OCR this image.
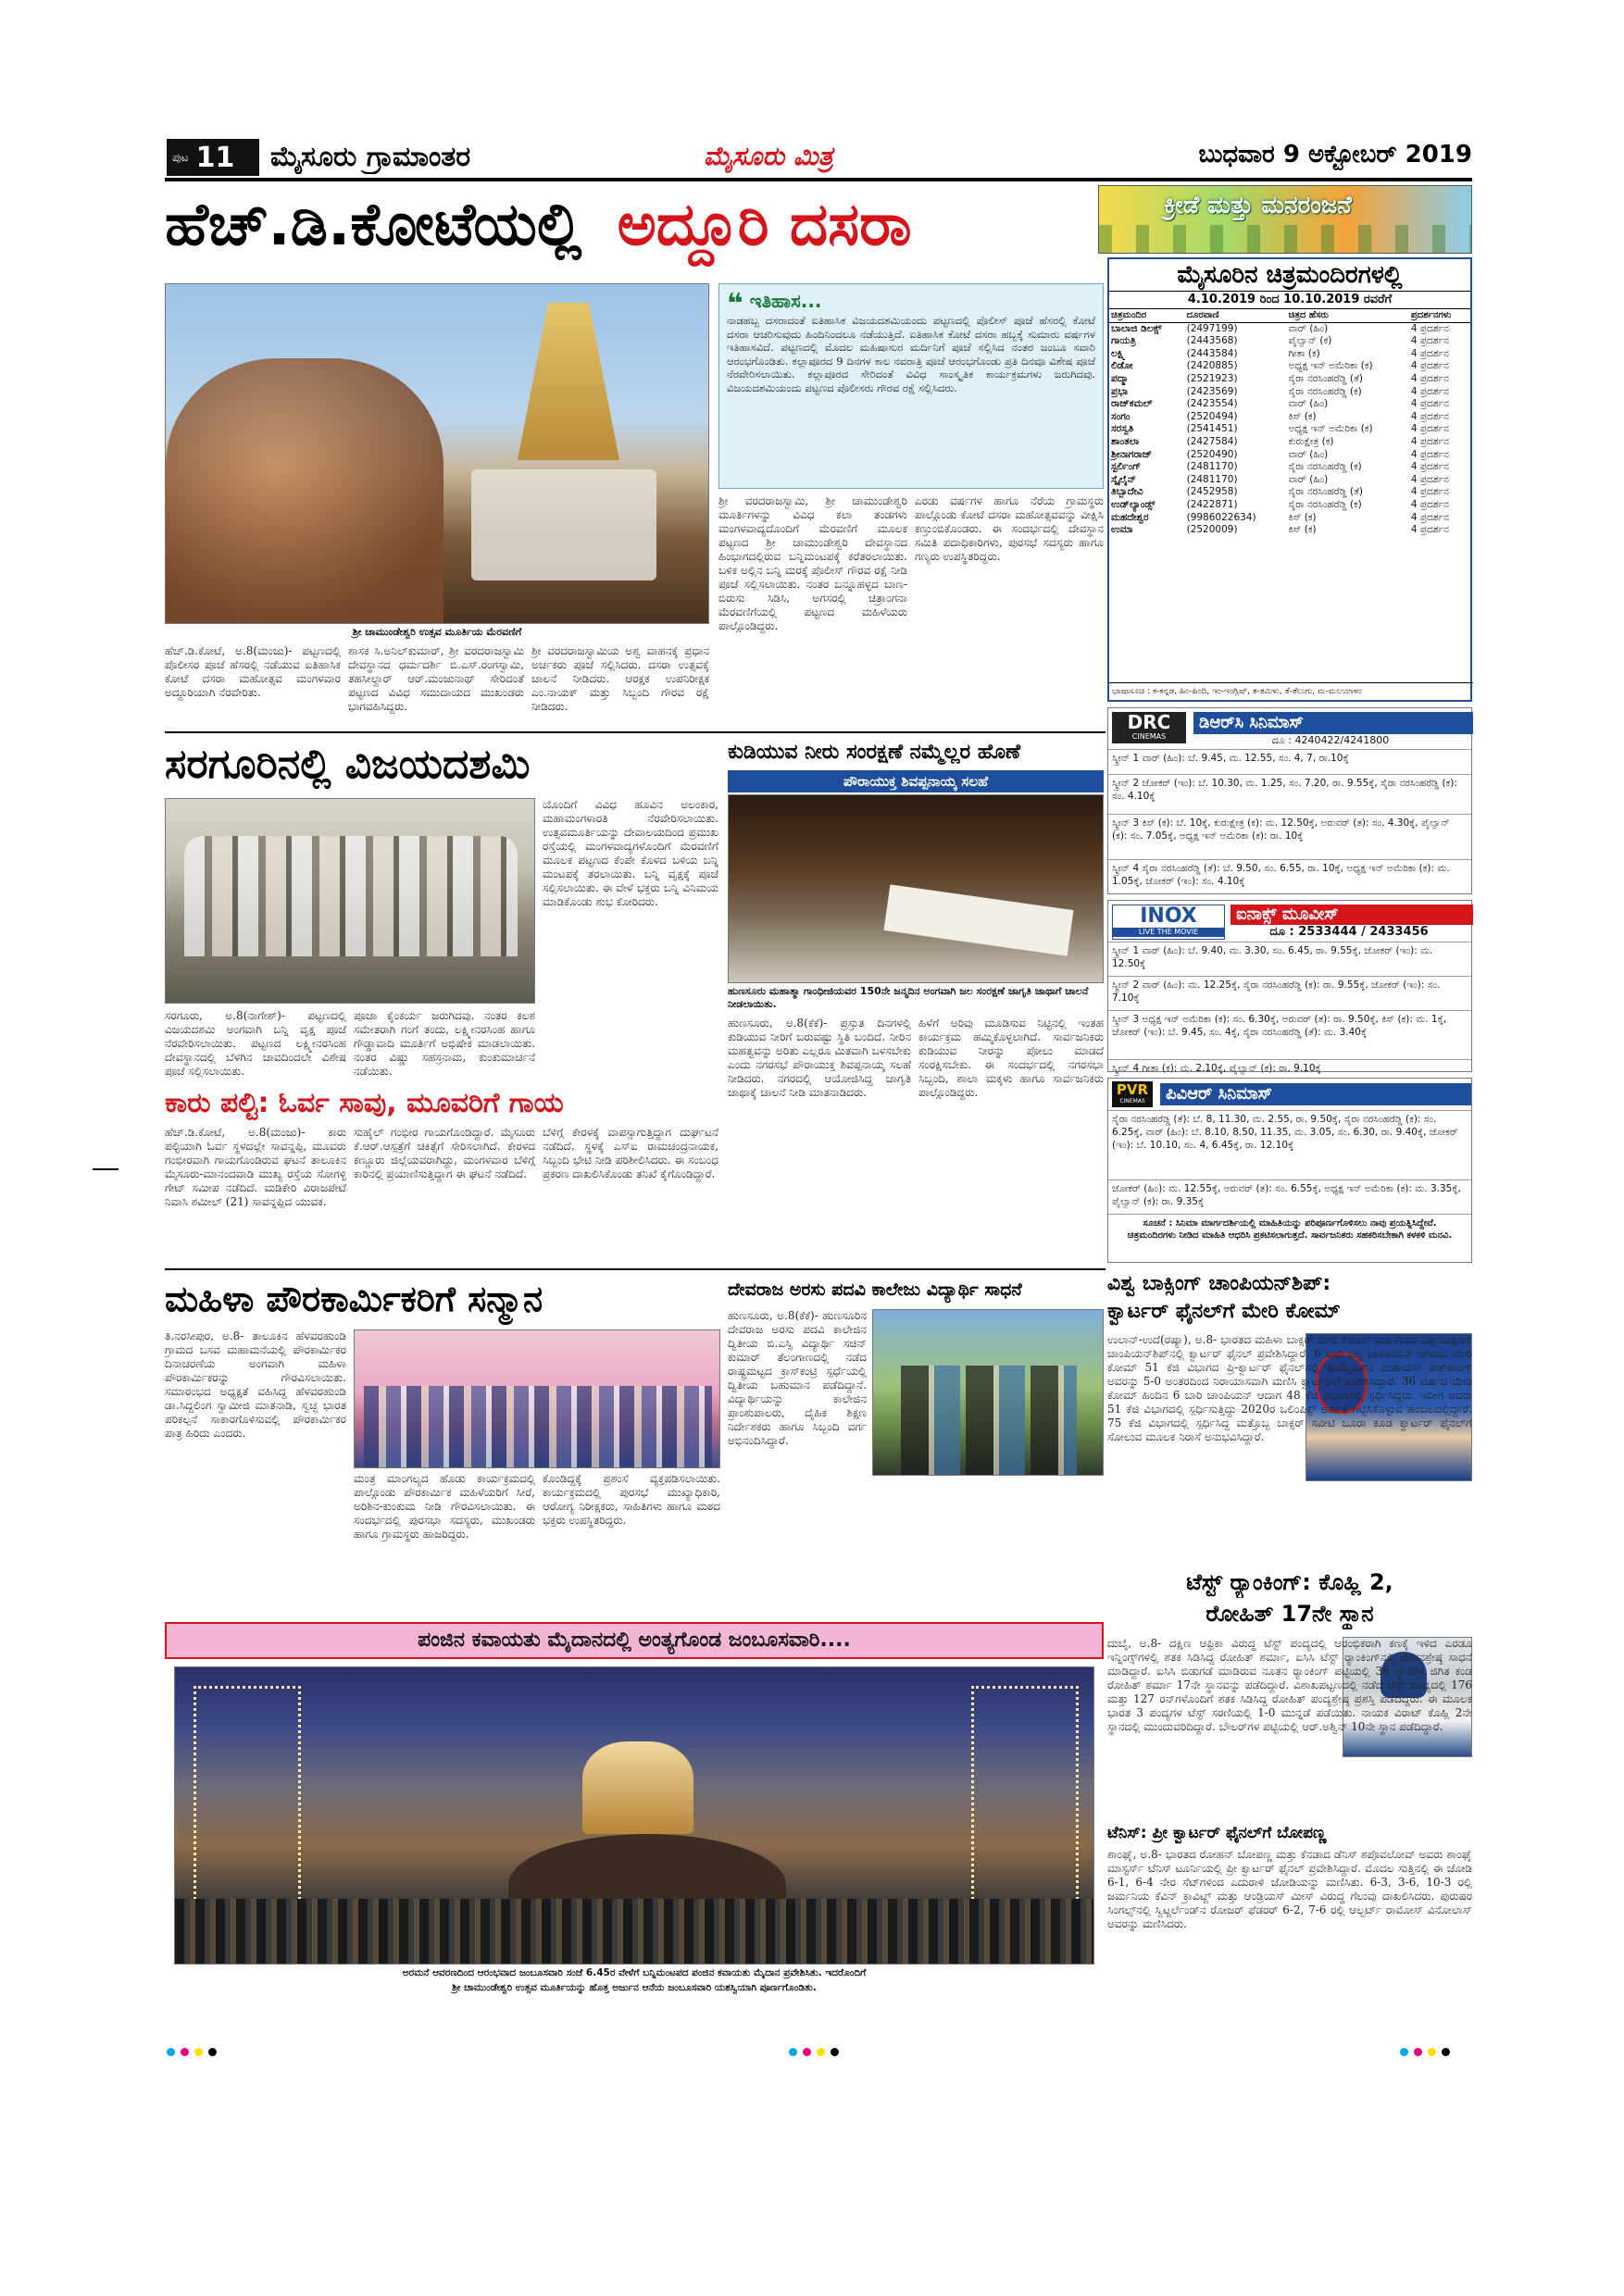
ಪುಟ 11 ಮೈಸೂರು ಗ್ರಾಮಾಂತರ	ಮೈಸೂರು ಮಿತ್ರ	ಬುಧವಾರ 9 ಅಕ್ಟೋಬರ್ 2019
ಹೆಚ್.ಡಿ.ಕೋಟೆಯಲ್ಲಿ ಅದ್ದೂರಿ ದಸರಾ	ಕ್ರೀಡೆ ಮತ್ತು ಮನರಂಜನೆ
ಶ್ರೀ ಚಾಮುಂಡೇಶ್ವರಿ ಉತ್ಸವ ಮೂರ್ತಿಯ ಮೆರವಣಿಗೆ
❝ ಇತಿಹಾಸ...
ನಾಡಹಬ್ಬ ದಸರಾದಂತೆ ಐತಿಹಾಸಿಕ ವಿಜಯದಶಮಿಯಂದು ಪಟ್ಟಣದಲ್ಲಿ ಪೊಲೀಸ್ ಪೂಜೆ ಹೆಸರಲ್ಲಿ ಕೋಟೆ ದಸರಾ ಆಚರಿಸುವುದು ಹಿಂದಿನಿಂದಲೂ ನಡೆಯುತ್ತಿದೆ. ಐತಿಹಾಸಿಕ ಕೋಟೆ ದಸರಾ ಹಬ್ಬಕ್ಕೆ ಸುಮಾರು ವರ್ಷಗಳ ಇತಿಹಾಸವಿದೆ. ಪಟ್ಟಣದಲ್ಲಿ ಮೊದಲ ಮಹಿಷಾಸುರ ಮರ್ದಿನಿಗೆ ಪೂಜೆ ಸಲ್ಲಿಸಿದ ನಂತರ ಜಂಬೂ ಸವಾರಿ ಆರಂಭಗೊಂಡಿತು. ಕಲ್ಲಾಪೂರದ 9 ದಿನಗಳ ಕಾಲ ನವರಾತ್ರಿ ಪೂಜೆ ಆರಂಭಗೊಂಡು ಪ್ರತಿ ದಿನವೂ ವಿಶೇಷ ಪೂಜೆ ನೆರವೇರಿಸಲಾಯಿತು. ಕಲ್ಲಾಪೂರದ ಸೇರಿದಂತೆ ವಿವಿಧ ಸಾಂಸ್ಕೃತಿಕ ಕಾರ್ಯಕ್ರಮಗಳು ಜರುಗಿದವು. ವಿಜಯದಶಮಿಯಂದು ಪಟ್ಟಣದ ಪೊಲೀಸರು ಗೌರವ ರಕ್ಷೆ ಸಲ್ಲಿಸಿದರು.
ಹೆಚ್.ಡಿ.ಕೋಟೆ, ಅ.8(ಮಂಜು)- ಪಟ್ಟಣದಲ್ಲಿ ಪೊಲೀಸರ ಪೂಜೆ ಹೆಸರಲ್ಲಿ ನಡೆಯುವ ಐತಿಹಾಸಿಕ ಕೋಟೆ ದಸರಾ ಮಹೋತ್ಸವ ಮಂಗಳವಾರ ಅದ್ದೂರಿಯಾಗಿ ನೆರವೇರಿತು.
ಶಾಸಕ ಸಿ.ಅನಿಲ್‌ಕುಮಾರ್, ಶ್ರೀ ವರದರಾಜಸ್ವಾಮಿ ದೇವಸ್ಥಾನದ ಧರ್ಮದರ್ಶಿ ಬಿ.ಎಸ್.ರಂಗಸ್ವಾಮಿ, ತಹಸೀಲ್ದಾರ್ ಆರ್.ಮಂಜುನಾಥ್ ಸೇರಿದಂತೆ ಪಟ್ಟಣದ ವಿವಿಧ ಸಮುದಾಯದ ಮುಖಂಡರು ಭಾಗವಹಿಸಿದ್ದರು.
ಶ್ರೀ ವರದರಾಜಸ್ವಾಮಿಯ ಅಶ್ವ ವಾಹನಕ್ಕೆ ಪ್ರಧಾನ ಅರ್ಚಕರು ಪೂಜೆ ಸಲ್ಲಿಸಿದರು. ದಸರಾ ಉತ್ಸವಕ್ಕೆ ಚಾಲನೆ ನೀಡಿದರು. ಆರಕ್ಷಕ ಉಪನಿರೀಕ್ಷಕ ಎಂ.ನಾಯಕ್ ಮತ್ತು ಸಿಬ್ಬಂದಿ ಗೌರವ ರಕ್ಷೆ ನೀಡಿದರು.
ಶ್ರೀ ವರದರಾಜಸ್ವಾಮಿ, ಶ್ರೀ ಚಾಮುಂಡೇಶ್ವರಿ ಮೂರ್ತಿಗಳನ್ನು ವಿವಿಧ ಕಲಾ ತಂಡಗಳು ಮಂಗಳವಾದ್ಯದೊಂದಿಗೆ ಮೆರವಣಿಗೆ ಮೂಲಕ ಪಟ್ಟಣದ ಶ್ರೀ ಚಾಮುಂಡೇಶ್ವರಿ ದೇವಸ್ಥಾನದ ಹಿಂಭಾಗದಲ್ಲಿರುವ ಬನ್ನಿಮಂಟಪಕ್ಕೆ ಕರೆತರಲಾಯಿತು. ಬಳಿಕ ಅಲ್ಲಿನ ಬನ್ನಿ ಮರಕ್ಕೆ ಪೊಲೀಸ್ ಗೌರವ ರಕ್ಷೆ ನೀಡಿ ಪೂಜೆ ಸಲ್ಲಿಸಲಾಯಿತು. ನಂತರ ಬನ್ನೂಹಳ್ಳದ ಬಾಣ-ಬಿರುಸು ಸಿಡಿಸಿ, ಅಗಸರಲ್ಲಿ ಚಿತ್ರಾಂಗನಾ ಮೆರವಣಿಗೆಯಲ್ಲಿ ಪಟ್ಟಣದ ಮಹಿಳೆಯರು ಪಾಲ್ಗೊಂಡಿದ್ದರು.
ಎರಡು ವರ್ಷಗಳ ಹಾಗೂ ನೆರೆಯ ಗ್ರಾಮಸ್ಥರು ಪಾಲ್ಗೊಂಡು ಕೋಟೆ ದಸರಾ ಮಹೋತ್ಸವವನ್ನು ವೀಕ್ಷಿಸಿ ಕಣ್ತುಂಬಿಕೊಂಡರು. ಈ ಸಂದರ್ಭದಲ್ಲಿ ದೇವಸ್ಥಾನ ಸಮಿತಿ ಪದಾಧಿಕಾರಿಗಳು, ಪುರಸಭೆ ಸದಸ್ಯರು ಹಾಗೂ ಗಣ್ಯರು ಉಪಸ್ಥಿತರಿದ್ದರು.
ಮೈಸೂರಿನ ಚಿತ್ರಮಂದಿರಗಳಲ್ಲಿ
4.10.2019 ರಿಂದ 10.10.2019 ರವರೆಗೆ
ಚಿತ್ರಮಂದಿರ	ದೂರವಾಣಿ	ಚಿತ್ರದ ಹೆಸರು	ಪ್ರದರ್ಶನಗಳು
ಬಾಲಾಜಿ ಡಿಲಕ್ಸ್	(2497199)	ವಾರ್ (ಹಿಂ)	4 ಪ್ರದರ್ಶನ
ಗಾಯತ್ರಿ	(2443568)	ಪೈಲ್ವಾನ್ (ಕ)	4 ಪ್ರದರ್ಶನ
ಲಕ್ಷ್ಮಿ	(2443584)	ಗೀತಾ (ಕ)	4 ಪ್ರದರ್ಶನ
ಲಿಡೋ	(2420885)	ಅಧ್ಯಕ್ಷ ಇನ್ ಅಮೆರಿಕಾ (ಕ)	4 ಪ್ರದರ್ಶನ
ಪದ್ಮಾ	(2521923)	ಸೈರಾ ನರಸಿಂಹರೆಡ್ಡಿ (ತೆ)	4 ಪ್ರದರ್ಶನ
ಪ್ರಭಾ	(2423569)	ಸೈರಾ ನರಸಿಂಹರೆಡ್ಡಿ (ಕ)	4 ಪ್ರದರ್ಶನ
ರಾಜ್‌ಕಮಲ್	(2423554)	ವಾರ್ (ಹಿಂ)	4 ಪ್ರದರ್ಶನ
ಸಂಗಂ	(2520494)	ಕಿಸ್ (ಕ)	4 ಪ್ರದರ್ಶನ
ಸರಸ್ವತಿ	(2541451)	ಅಧ್ಯಕ್ಷ ಇನ್ ಅಮೆರಿಕಾ (ಕ)	4 ಪ್ರದರ್ಶನ
ಶಾಂತಲಾ	(2427584)	ಕುರುಕ್ಷೇತ್ರ (ಕ)	4 ಪ್ರದರ್ಶನ
ಶ್ರೀನಾಗರಾಜ್	(2520490)	ವಾರ್ (ಹಿಂ)	4 ಪ್ರದರ್ಶನ
ಸ್ಟರ್ಲಿಂಗ್	(2481170)	ಸೈರಾ ನರಸಿಂಹರೆಡ್ಡಿ (ಕ)	4 ಪ್ರದರ್ಶನ
ಸ್ಕೈಲೈನ್	(2481170)	ವಾರ್ (ಹಿಂ)	4 ಪ್ರದರ್ಶನ
ತಿಬ್ಬಾದೇವಿ	(2452958)	ಸೈರಾ ನರಸಿಂಹರೆಡ್ಡಿ (ತೆ)	4 ಪ್ರದರ್ಶನ
ಉಡ್‌ಲ್ಯಾಂಡ್ಸ್	(2422871)	ಸೈರಾ ನರಸಿಂಹರೆಡ್ಡಿ (ಕ)	4 ಪ್ರದರ್ಶನ
ಮಹದೇಶ್ವರ	(9986022634)	ಕಿಸ್ (ಕ)	4 ಪ್ರದರ್ಶನ
ಉಮಾ	(2520009)	ಕಿಸ್ (ಕ)	4 ಪ್ರದರ್ಶನ
ಭಾಷಾಸೂಚಿ : ಕ-ಕನ್ನಡ, ಹಿಂ-ಹಿಂದಿ, ಇಂ-ಇಂಗ್ಲಿಷ್, ತ-ತಮಿಳು, ತೆ-ತೆಲುಗು, ಮ-ಮಲಯಾಳಂ
DRC
CINEMAS
ಡಿಆರ್‌ಸಿ ಸಿನಿಮಾಸ್
ದೂ : 4240422/4241800
ಸ್ಕ್ರೀನ್ 1 ವಾರ್ (ಹಿಂ): ಬೆ. 9.45, ಮ. 12.55, ಸಂ. 4, 7, ರಾ.10ಕ್ಕೆ
ಸ್ಕ್ರೀನ್ 2 ಜೋಕರ್ (ಇಂ): ಬೆ. 10.30, ಮ. 1.25, ಸಂ. 7.20, ರಾ. 9.55ಕ್ಕೆ, ಸೈರಾ ನರಸಿಂಹರೆಡ್ಡಿ (ಕ): ಸಂ. 4.10ಕ್ಕೆ
ಸ್ಕ್ರೀನ್ 3 ಕಿಸ್ (ಕ): ಬೆ. 10ಕ್ಕೆ, ಕುರುಕ್ಷೇತ್ರ (ಕ): ಮ. 12.50ಕ್ಕೆ, ಅರುವರ್ (ತ): ಸಂ. 4.30ಕ್ಕೆ, ಪೈಲ್ವಾನ್ (ಕ): ಸಂ. 7.05ಕ್ಕೆ, ಅಧ್ಯಕ್ಷ ಇನ್ ಅಮೆರಿಕಾ (ಕ): ರಾ. 10ಕ್ಕೆ
ಸ್ಕ್ರೀನ್ 4 ಸೈರಾ ನರಸಿಂಹರೆಡ್ಡಿ (ತೆ): ಬೆ. 9.50, ಸಂ. 6.55, ರಾ. 10ಕ್ಕೆ, ಅಧ್ಯಕ್ಷ ಇನ್ ಅಮೆರಿಕಾ (ಕ): ಮ. 1.05ಕ್ಕೆ, ಜೋಕರ್ (ಇಂ): ಸಂ. 4.10ಕ್ಕೆ
INOX
LIVE THE MOVIE
ಐನಾಕ್ಸ್ ಮೂವೀಸ್
ದೂ : 2533444 / 2433456
ಸ್ಕ್ರೀನ್ 1 ವಾರ್ (ಹಿಂ): ಬೆ. 9.40, ಮ. 3.30, ಸಂ. 6.45, ರಾ. 9.55ಕ್ಕೆ, ಜೋಕರ್ (ಇಂ): ಮ. 12.50ಕ್ಕೆ
ಸ್ಕ್ರೀನ್ 2 ವಾರ್ (ಹಿಂ): ಮ. 12.25ಕ್ಕೆ, ಸೈರಾ ನರಸಿಂಹರೆಡ್ಡಿ (ಕ): ರಾ. 9.55ಕ್ಕೆ, ಜೋಕರ್ (ಇಂ): ಸಂ. 7.10ಕ್ಕೆ
ಸ್ಕ್ರೀನ್ 3 ಅಧ್ಯಕ್ಷ ಇನ್ ಅಮೆರಿಕಾ (ಕ): ಸಂ. 6.30ಕ್ಕೆ, ಅರುವರ್ (ತ): ರಾ. 9.50ಕ್ಕೆ, ಕಿಸ್ (ಕ): ಮ. 1ಕ್ಕೆ, ಜೋಕರ್ (ಇಂ): ಬೆ. 9.45, ಸಂ. 4ಕ್ಕೆ, ಸೈರಾ ನರಸಿಂಹರೆಡ್ಡಿ (ತೆ): ಮ. 3.40ಕ್ಕೆ
ಸ್ಕ್ರೀನ್ 4 ಗೀತಾ (ಕ): ಮ. 2.10ಕ್ಕೆ, ಪೈಲ್ವಾನ್ (ಕ): ರಾ. 9.10ಕ್ಕೆ
PVR
CINEMAS	ಪಿವಿಆರ್ ಸಿನಿಮಾಸ್
ಸೈರಾ ನರಸಿಂಹರೆಡ್ಡಿ (ತೆ): ಬೆ. 8, 11.30, ಮ. 2.55, ರಾ. 9.50ಕ್ಕೆ, ಸೈರಾ ನರಸಿಂಹರೆಡ್ಡಿ (ಕ): ಸಂ. 6.25ಕ್ಕೆ, ವಾರ್ (ಹಿಂ): ಬೆ. 8.10, 8.50, 11.35, ಮ. 3.05, ಸಂ. 6.30, ರಾ. 9.40ಕ್ಕೆ, ಜೋಕರ್ (ಇಂ): ಬೆ. 10.10, ಸಂ. 4, 6.45ಕ್ಕೆ, ರಾ. 12.10ಕ್ಕೆ
ಜೋಕರ್ (ಹಿಂ): ಮ. 12.55ಕ್ಕೆ, ಅರುವರ್ (ತ): ಸಂ. 6.55ಕ್ಕೆ, ಅಧ್ಯಕ್ಷ ಇನ್ ಅಮೆರಿಕಾ (ಕ): ಮ. 3.35ಕ್ಕೆ, ಪೈಲ್ವಾನ್ (ಕ): ರಾ. 9.35ಕ್ಕೆ
ಸೂಚನೆ : ಸಿನಿಮಾ ಮಾರ್ಗದರ್ಶಿಯಲ್ಲಿ ಮಾಹಿತಿಯನ್ನು ಪರಿಪೂರ್ಣಗೊಳಿಸಲು ನಾವು ಪ್ರಯತ್ನಿಸಿದ್ದೇವೆ. ಚಿತ್ರಮಂದಿರಗಳು ನೀಡಿದ ಮಾಹಿತಿ ಆಧರಿಸಿ ಪ್ರಕಟಿಸಲಾಗುತ್ತದೆ. ಸಾರ್ವಜನಿಕರು ಸಹಕರಿಸಬೇಕಾಗಿ ಕಳಕಳಿ ಮನವಿ.
ಸರಗೂರಿನಲ್ಲಿ ವಿಜಯದಶಮಿ
ಯೊಂದಿಗೆ ವಿವಿಧ ಹೂವಿನ ಅಲಂಕಾರ, ಮಹಾಮಂಗಳಾರತಿ ನೆರವೇರಿಸಲಾಯಿತು. ಉತ್ಸವಮೂರ್ತಿಯನ್ನು ದೇವಾಲಯದಿಂದ ಪ್ರಮುಖ ರಸ್ತೆಯಲ್ಲಿ ಮಂಗಳವಾದ್ಯಗಳೊಂದಿಗೆ ಮೆರವಣಿಗೆ ಮೂಲಕ ಪಟ್ಟಣದ ಕೆಂಪೇ ಕೊಳದ ಬಳಿಯ ಬನ್ನಿ ಮಂಟಪಕ್ಕೆ ತರಲಾಯಿತು. ಬನ್ನಿ ವೃಕ್ಷಕ್ಕೆ ಪೂಜೆ ಸಲ್ಲಿಸಲಾಯಿತು. ಈ ವೇಳೆ ಭಕ್ತರು ಬನ್ನಿ ವಿನಿಮಯ ಮಾಡಿಕೊಂಡು ಶುಭ ಕೋರಿದರು.
ಸರಗೂರು, ಅ.8(ನಾಗೇಶ್)- ಪಟ್ಟಣದಲ್ಲಿ ವಿಜಯದಶಮಿ ಅಂಗವಾಗಿ ಬನ್ನಿ ವೃಕ್ಷ ಪೂಜೆ ನೆರವೇರಿಸಲಾಯಿತು. ಪಟ್ಟಣದ ಲಕ್ಷ್ಮೀನರಸಿಂಹ ದೇವಸ್ಥಾನದಲ್ಲಿ ಬೆಳಗಿನ ಜಾವದಿಂದಲೇ ವಿಶೇಷ ಪೂಜೆ ಸಲ್ಲಿಸಲಾಯಿತು.
ಪೂಜಾ ಕೈಂಕರ್ಯ ಜರುಗಿದವು. ನಂತರ ಕಲಶ ಸಮೇತರಾಗಿ ಗಂಗೆ ತಂದು, ಲಕ್ಷ್ಮೀನರಸಿಂಹ ಹಾಗೂ ಗೌಡ್ಡಾವಾದಿ ಮೂರ್ತಿಗೆ ಅಭಿಷೇಕ ಮಾಡಲಾಯಿತು. ನಂತರ ವಿಷ್ಣು ಸಹಸ್ರನಾಮ, ಕುಂಕುಮಾರ್ಚನೆ ನಡೆಯಿತು.
ಕಾರು ಪಲ್ಟಿ: ಓರ್ವ ಸಾವು, ಮೂವರಿಗೆ ಗಾಯ
ಹೆಚ್.ಡಿ.ಕೋಟೆ, ಅ.8(ಮಂಜು)- ಕಾರು ಪಲ್ಟಿಯಾಗಿ ಓರ್ವ ಸ್ಥಳದಲ್ಲೇ ಸಾವನ್ನಪ್ಪಿ, ಮೂವರು ಗಂಭೀರವಾಗಿ ಗಾಯಗೊಂಡಿರುವ ಘಟನೆ ತಾಲೂಕಿನ ಮೈಸೂರು-ಮಾನಂದವಾಡಿ ಮುಖ್ಯ ರಸ್ತೆಯ ಸೋಗಳ್ಳಿ ಗೇಟ್ ಸಮೀಪ ನಡೆದಿದೆ. ಮಡಿಕೇರಿ ವಿರಾಜಪೇಟೆ ನಿವಾಸಿ ಶಮೀಲ್ (21) ಸಾವನ್ನಪ್ಪಿದ ಯುವಕ.
ಸುಹೈಲ್ ಗಂಭೀರ ಗಾಯಗೊಂಡಿದ್ದಾರೆ. ಮೈಸೂರು ಕೆ.ಆರ್.ಆಸ್ಪತ್ರೆಗೆ ಚಿಕಿತ್ಸೆಗೆ ಸೇರಿಸಲಾಗಿದೆ. ಕೇರಳದ ಕಣ್ಣೂರು ಜಿಲ್ಲೆಯವರಾಗಿದ್ದು, ಮಂಗಳವಾರ ಬೆಳಿಗ್ಗೆ ಕಾರಿನಲ್ಲಿ ಪ್ರಯಾಣಿಸುತ್ತಿದ್ದಾಗ ಈ ಘಟನೆ ನಡೆದಿದೆ.
ಬೆಳಿಗ್ಗೆ ಕೇರಳಕ್ಕೆ ವಾಪಸ್ಸಾಗುತ್ತಿದ್ದಾಗ ದುರ್ಘಟನೆ ನಡೆದಿದೆ. ಸ್ಥಳಕ್ಕೆ ಎಸ್ಐ ರಾಮಚಂದ್ರನಾಯಕ, ಸಿಬ್ಬಂದಿ ಭೇಟಿ ನೀಡಿ ಪರಿಶೀಲಿಸಿದರು. ಈ ಸಂಬಂಧ ಪ್ರಕರಣ ದಾಖಲಿಸಿಕೊಂಡು ತನಿಖೆ ಕೈಗೊಂಡಿದ್ದಾರೆ.
ಕುಡಿಯುವ ನೀರು ಸಂರಕ್ಷಣೆ ನಮ್ಮೆಲ್ಲರ ಹೊಣೆ
ಪೌರಾಯುಕ್ತ ಶಿವಪ್ಪನಾಯ್ಕ ಸಲಹೆ
ಹುಣಸೂರು ಮಹಾತ್ಮಾ ಗಾಂಧೀಜಿಯವರ 150ನೇ ಜನ್ಮದಿನ ಅಂಗವಾಗಿ ಜಲ ಸಂರಕ್ಷಣೆ ಜಾಗೃತಿ ಜಾಥಾಗೆ ಚಾಲನೆ ನೀಡಲಾಯಿತು.
ಹುಣಸೂರು, ಅ.8(ಕೆಕೆ)- ಪ್ರಸ್ತುತ ದಿನಗಳಲ್ಲಿ ಕುಡಿಯುವ ನೀರಿಗೆ ಬರುವಷ್ಟು ಸ್ಥಿತಿ ಬಂದಿದೆ. ನೀರಿನ ಮಹತ್ವವನ್ನು ಅರಿತು ಎಲ್ಲರೂ ಮಿತವಾಗಿ ಬಳಸಬೇಕು ಎಂದು ನಗರಸಭೆ ಪೌರಾಯುಕ್ತ ಶಿವಪ್ಪನಾಯ್ಕ ಸಲಹೆ ನೀಡಿದರು. ನಗರದಲ್ಲಿ ಆಯೋಜಿಸಿದ್ದ ಜಾಗೃತಿ ಜಾಥಾಕ್ಕೆ ಚಾಲನೆ ನೀಡಿ ಮಾತನಾಡಿದರು.
ಹಿಳೆಗೆ ಅರಿವು ಮೂಡಿಸುವ ನಿಟ್ಟಿನಲ್ಲಿ ಇಂತಹ ಕಾರ್ಯಕ್ರಮ ಹಮ್ಮಿಕೊಳ್ಳಲಾಗಿದೆ. ಸಾರ್ವಜನಿಕರು ಕುಡಿಯುವ ನೀರನ್ನು ಪೋಲು ಮಾಡದೆ ಸಂರಕ್ಷಿಸಬೇಕು. ಈ ಸಂದರ್ಭದಲ್ಲಿ ನಗರಸಭಾ ಸಿಬ್ಬಂದಿ, ಶಾಲಾ ಮಕ್ಕಳು ಹಾಗೂ ಸಾರ್ವಜನಿಕರು ಪಾಲ್ಗೊಂಡಿದ್ದರು.
ಮಹಿಳಾ ಪೌರಕಾರ್ಮಿಕರಿಗೆ ಸನ್ಮಾನ
ತಿ.ನರಸೀಪುರ, ಅ.8- ತಾಲೂಕಿನ ಹೆಳವರಹುಂಡಿ ಗ್ರಾಮದ ಬಸವ ಮಹಾಮನೆಯಲ್ಲಿ ಪೌರಕಾರ್ಮಿಕರ ದಿನಾಚರಣೆಯ ಅಂಗವಾಗಿ ಮಹಿಳಾ ಪೌರಕಾರ್ಮಿಕರನ್ನು ಗೌರವಿಸಲಾಯಿತು. ಸಮಾರಂಭದ ಅಧ್ಯಕ್ಷತೆ ವಹಿಸಿದ್ದ ಹೆಳವರಹುಂಡಿ ಡಾ.ಸಿದ್ದಲಿಂಗ ಸ್ವಾಮೀಜಿ ಮಾತನಾಡಿ, ಸ್ವಚ್ಛ ಭಾರತ ಪರಿಕಲ್ಪನೆ ಸಾಕಾರಗೊಳಿಸುವಲ್ಲಿ ಪೌರಕಾರ್ಮಿಕರ ಪಾತ್ರ ಹಿರಿದು ಎಂದರು.
ಮಂತ್ರ ಮಾಂಗಲ್ಯದ ಹೊಡು ಕಾರ್ಯಕ್ರಮದಲ್ಲಿ ಪಾಲ್ಗೊಂಡು ಪೌರಕಾರ್ಮಿಕ ಮಹಿಳೆಯರಿಗೆ ಸೀರೆ, ಅರಿಶಿನ-ಕುಂಕುಮ ನೀಡಿ ಗೌರವಿಸಲಾಯಿತು. ಈ ಸಂದರ್ಭದಲ್ಲಿ ಪುರಸಭಾ ಸದಸ್ಯರು, ಮುಖಂಡರು ಹಾಗೂ ಗ್ರಾಮಸ್ಥರು ಹಾಜರಿದ್ದರು.
ಕೊಂಡಿದ್ದಕ್ಕೆ ಪ್ರಶಂಸೆ ವ್ಯಕ್ತಪಡಿಸಲಾಯಿತು. ಕಾರ್ಯಕ್ರಮದಲ್ಲಿ ಪುರಸಭೆ ಮುಖ್ಯಾಧಿಕಾರಿ, ಆರೋಗ್ಯ ನಿರೀಕ್ಷಕರು, ಸಾಹಿತಿಗಳು ಹಾಗೂ ಮಠದ ಭಕ್ತರು ಉಪಸ್ಥಿತರಿದ್ದರು.
ದೇವರಾಜ ಅರಸು ಪದವಿ ಕಾಲೇಜು ವಿದ್ಯಾರ್ಥಿ ಸಾಧನೆ
ಹುಣಸೂರು, ಅ.8(ಕೆಕೆ)- ಹುಣಸೂರಿನ ದೇವರಾಜ ಅರಸು ಪದವಿ ಕಾಲೇಜಿನ ದ್ವಿತೀಯ ಬಿ.ಎಸ್ಸಿ ವಿದ್ಯಾರ್ಥಿ ಸಚಿನ್ ಕುಮಾರ್ ತೆಲಂಗಾಣದಲ್ಲಿ ನಡೆದ ರಾಷ್ಟ್ರಮಟ್ಟದ ಕ್ರಾಸ್‌ಕಂಟ್ರಿ ಸ್ಪರ್ಧೆಯಲ್ಲಿ ದ್ವಿತೀಯ ಬಹುಮಾನ ಪಡೆದಿದ್ದಾನೆ. ವಿದ್ಯಾರ್ಥಿಯನ್ನು ಕಾಲೇಜಿನ ಪ್ರಾಂಶುಪಾಲರು, ದೈಹಿಕ ಶಿಕ್ಷಣ ನಿರ್ದೇಶಕರು ಹಾಗೂ ಸಿಬ್ಬಂದಿ ವರ್ಗ ಅಭಿನಂದಿಸಿದ್ದಾರೆ.
ವಿಶ್ವ ಬಾಕ್ಸಿಂಗ್ ಚಾಂಪಿಯನ್‌ಶಿಪ್:
ಕ್ವಾರ್ಟರ್ ಫೈನಲ್‌ಗೆ ಮೇರಿ ಕೋಮ್
ಉಲಾನ್-ಉದೆ(ರಷ್ಯಾ), ಅ.8- ಭಾರತದ ಮಹಿಳಾ ಬಾಕ್ಸರ್ ಮೇರಿ ಕೋಮ್ ಮಹಿಳೆಯರ ವಿಶ್ವ ಬಾಕ್ಸಿಂಗ್ ಚಾಂಪಿಯನ್‌ಶಿಪ್‌ನಲ್ಲಿ ಕ್ವಾರ್ಟರ್ ಫೈನಲ್ ಪ್ರವೇಶಿಸಿದ್ದಾರೆ. 6 ಬಾರಿ ವಿಶ್ವ ಚಾಂಪಿಯನ್ ಆಗಿರುವ ಮೇರಿ ಕೋಮ್ 51 ಕೆಜಿ ವಿಭಾಗದ ಪ್ರಿ-ಕ್ವಾರ್ಟರ್ ಫೈನಲ್‌ನಲ್ಲಿ ಥಾಯ್ಲೆಂಡ್‌ನ ಜುತಾಮಸ್ ಜಿತ್‌ಪಾಂಗ್ ಅವರನ್ನು 5-0 ಅಂತರದಿಂದ ನಿರಾಯಾಸವಾಗಿ ಮಣಿಸಿ ಕ್ವಾರ್ಟರ್‌ಗೆ ಪ್ರವೇಶಿಸಿದ್ದಾರೆ. 36 ವರ್ಷದ ಮೇರಿ ಕೋಮ್ ಹಿಂದಿನ 6 ಬಾರಿ ಚಾಂಪಿಯನ್ ಆದಾಗ 48 ಕೆಜಿ ವಿಭಾಗದಲ್ಲಿ ಸ್ಪರ್ಧಿಸಿದ್ದರು. ಇದೀಗ ಅವರು 51 ಕೆಜಿ ವಿಭಾಗದಲ್ಲಿ ಸ್ಪರ್ಧಿಸುತ್ತಿದ್ದು 2020ರ ಒಲಿಂಪಿಕ್ಸ್ ಅರ್ಹತೆ ಗಿಟ್ಟಿಸಿಕೊಳ್ಳುವ ಹಂಬಲದಲ್ಲಿದ್ದಾರೆ. 75 ಕೆಜಿ ವಿಭಾಗದಲ್ಲಿ ಸ್ಪರ್ಧಿಸಿದ್ದ ಮತ್ತೊಬ್ಬ ಬಾಕ್ಸರ್ ಸವೀಟಿ ಬೂರಾ ಕೂಡ ಕ್ವಾರ್ಟರ್ ಫೈನಲ್‌ಗೆ ಸೋಲುವ ಮೂಲಕ ನಿರಾಸೆ ಅನುಭವಿಸಿದ್ದಾರೆ.
ಟೆಸ್ಟ್ ರ್‍ಯಾಂಕಿಂಗ್: ಕೊಹ್ಲಿ 2,
ರೋಹಿತ್ 17ನೇ ಸ್ಥಾನ
ದುಬೈ, ಅ.8- ದಕ್ಷಿಣ ಆಫ್ರಿಕಾ ವಿರುದ್ಧ ಟೆಸ್ಟ್ ಪಂದ್ಯದಲ್ಲಿ ಆರಂಭಿಕರಾಗಿ ಕಣಕ್ಕೆ ಇಳಿದ ಎರಡೂ ಇನ್ನಿಂಗ್ಸ್‌ಗಳಲ್ಲಿ ಶತಕ ಸಿಡಿಸಿದ್ದ ರೋಹಿತ್ ಶರ್ಮಾ, ಐಸಿಸಿ ಟೆಸ್ಟ್ ರ್‍ಯಾಂಕಿಂಗ್‌ನಲ್ಲಿ ಜೀವನಶ್ರೇಷ್ಠ ಸಾಧನೆ ಮಾಡಿದ್ದಾರೆ. ಐಸಿಸಿ ಬಿಡುಗಡೆ ಮಾಡಿರುವ ನೂತನ ರ್‍ಯಾಂಕಿಂಗ್ ಪಟ್ಟಿಯಲ್ಲಿ 36 ಸ್ಥಾನಗಳ ಜಿಗಿತ ಕಂಡ ರೋಹಿತ್ ಶರ್ಮಾ 17ನೇ ಸ್ಥಾನವನ್ನು ಪಡೆದಿದ್ದಾರೆ. ವಿಶಾಖಪಟ್ಟಣದಲ್ಲಿ ನಡೆದ ಟೆಸ್ಟ್ ಪಂದ್ಯದಲ್ಲಿ 176 ಮತ್ತು 127 ರನ್‌ಗಳೊಂದಿಗೆ ಶತಕ ಸಿಡಿಸಿದ್ದ ರೋಹಿತ್ ಪಂದ್ಯಶ್ರೇಷ್ಠ ಪ್ರಶಸ್ತಿ ಪಡೆದಿದ್ದರು. ಈ ಮೂಲಕ ಭಾರತ 3 ಪಂದ್ಯಗಳ ಟೆಸ್ಟ್ ಸರಣಿಯಲ್ಲಿ 1-0 ಮುನ್ನಡೆ ಪಡೆಯಿತು. ನಾಯಕ ವಿರಾಟ್ ಕೊಹ್ಲಿ 2ನೇ ಸ್ಥಾನದಲ್ಲಿ ಮುಂದುವರಿದಿದ್ದಾರೆ. ಬೌಲರ್‌ಗಳ ಪಟ್ಟಿಯಲ್ಲಿ ಆರ್.ಅಶ್ವಿನ್ 10ನೇ ಸ್ಥಾನ ಪಡೆದಿದ್ದಾರೆ.
ಟೆನಿಸ್: ಪ್ರೀ ಕ್ವಾರ್ಟರ್ ಫೈನಲ್‌ಗೆ ಬೋಪಣ್ಣ
ಶಾಂಘೈ, ಅ.8- ಭಾರತದ ರೋಹನ್ ಬೋಪಣ್ಣ ಮತ್ತು ಕೆನಡಾದ ಡೆನಿಸ್ ಶಪೊವಲೋವ್ ಅವರು ಶಾಂಘೈ ಮಾಸ್ಟರ್ಸ್ ಟೆನಿಸ್ ಟೂರ್ನಿಯಲ್ಲಿ ಪ್ರೀ ಕ್ವಾರ್ಟರ್ ಫೈನಲ್ ಪ್ರವೇಶಿಸಿದ್ದಾರೆ. ಮೊದಲ ಸುತ್ತಿನಲ್ಲಿ ಈ ಜೋಡಿ 6-1, 6-4 ನೇರ ಸೆಟ್‌ಗಳಿಂದ ಎದುರಾಳಿ ಜೋಡಿಯನ್ನು ಮಣಿಸಿತು. 6-3, 3-6, 10-3 ರಲ್ಲಿ ಜರ್ಮನಿಯ ಕೆವಿನ್ ಕ್ರಾವಿಟ್ಜ್ ಮತ್ತು ಆಂಡ್ರಿಯಸ್ ಮೀಸ್ ವಿರುದ್ಧ ಗೆಲುವು ದಾಖಲಿಸಿದರು. ಪುರುಷರ ಸಿಂಗಲ್ಸ್‌ನಲ್ಲಿ ಸ್ವಿಟ್ಜರ್ಲೆಂಡ್‌ನ ರೋಜರ್ ಫೆಡರರ್ 6-2, 7-6 ರಲ್ಲಿ ಆಲ್ಬರ್ಟ್ ರಾಮೋಸ್ ವಿನೋಲಾಸ್ ಅವರನ್ನು ಮಣಿಸಿದರು.
ಪಂಜಿನ ಕವಾಯತು ಮೈದಾನದಲ್ಲಿ ಅಂತ್ಯಗೊಂಡ ಜಂಬೂಸವಾರಿ....
ಅರಮನೆ ಆವರಣದಿಂದ ಆರಂಭವಾದ ಜಂಬೂಸವಾರಿ ಸಂಜೆ 6.45ರ ವೇಳೆಗೆ ಬನ್ನಿಮಂಟಪದ ಪಂಜಿನ ಕವಾಯತು ಮೈದಾನ ಪ್ರವೇಶಿಸಿತು. ಇದರೊಂದಿಗೆ
ಶ್ರೀ ಚಾಮುಂಡೇಶ್ವರಿ ಉತ್ಸವ ಮೂರ್ತಿಯನ್ನು ಹೊತ್ತ ಅರ್ಜುನ ಆನೆಯ ಜಂಬೂಸವಾರಿ ಯಶಸ್ವಿಯಾಗಿ ಪೂರ್ಣಗೊಂಡಿತು.
